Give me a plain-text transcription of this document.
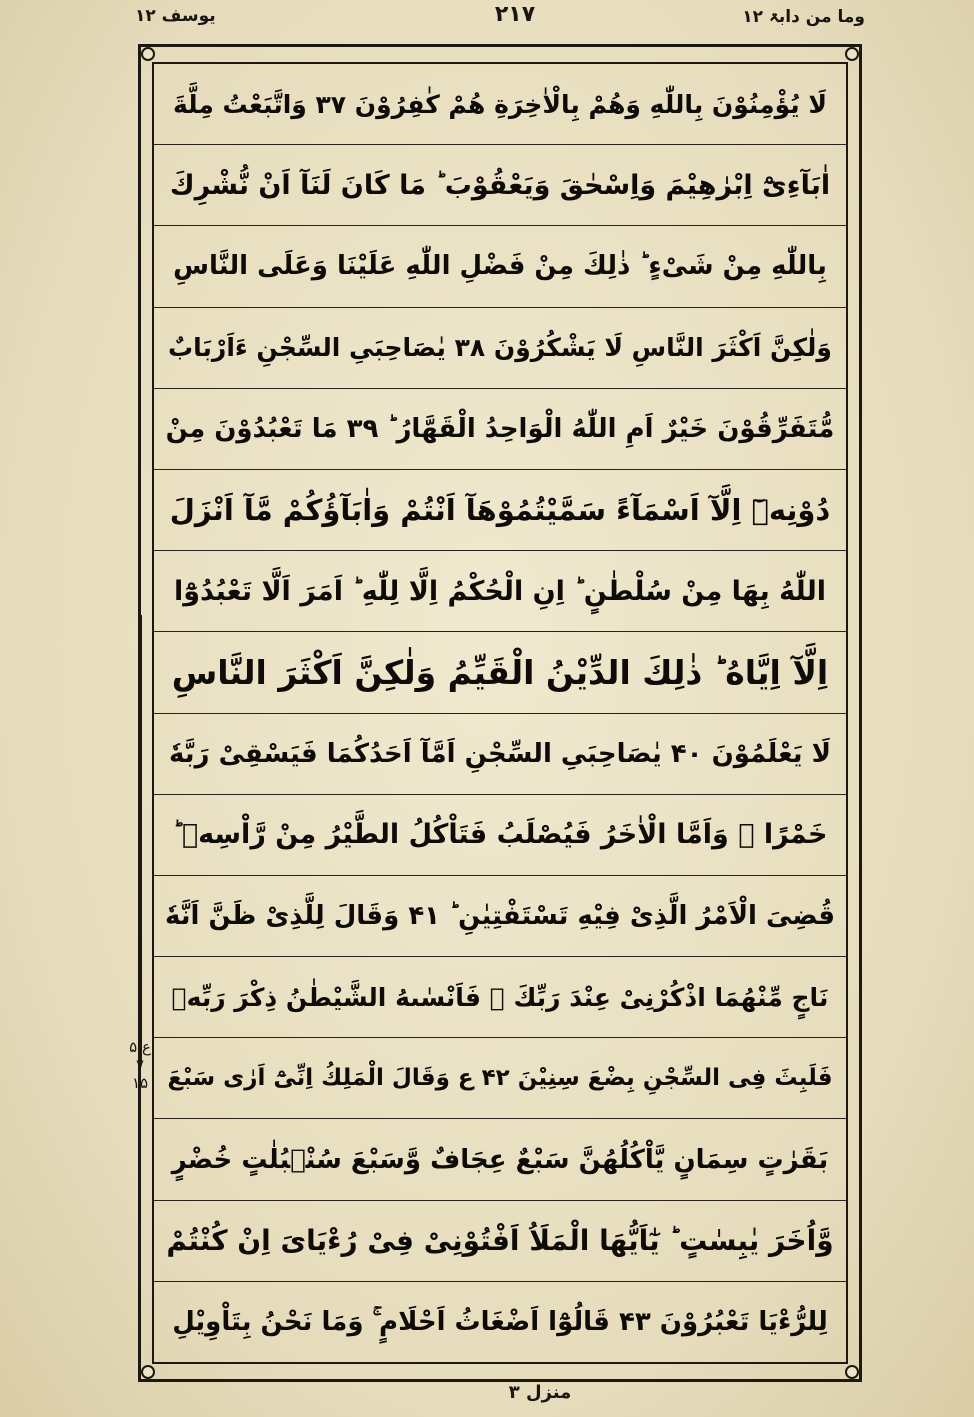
یوسف ۱۲	۲۱۷	وما من دابۃ ۱۲
لَا یُؤْمِنُوْنَ بِاللّٰهِ وَهُمْ بِالْاٰخِرَةِ هُمْ كٰفِرُوْنَ ۳۷ وَاتَّبَعْتُ مِلَّةَ
اٰبَآءِیْٓ اِبْرٰهِیْمَ وَاِسْحٰقَ وَیَعْقُوْبَ ؕ مَا كَانَ لَنَآ اَنْ نُّشْرِكَ
بِاللّٰهِ مِنْ شَیْءٍ ؕ ذٰلِكَ مِنْ فَضْلِ اللّٰهِ عَلَیْنَا وَعَلَى النَّاسِ
وَلٰكِنَّ اَكْثَرَ النَّاسِ لَا یَشْكُرُوْنَ ۳۸ یٰصَاحِبَیِ السِّجْنِ ءَاَرْبَابٌ
مُّتَفَرِّقُوْنَ خَیْرٌ اَمِ اللّٰهُ الْوَاحِدُ الْقَهَّارُ ؕ ۳۹ مَا تَعْبُدُوْنَ مِنْ
دُوْنِهٖٓ اِلَّآ اَسْمَآءً سَمَّیْتُمُوْهَآ اَنْتُمْ وَاٰبَآؤُكُمْ مَّآ اَنْزَلَ
اللّٰهُ بِهَا مِنْ سُلْطٰنٍ ؕ اِنِ الْحُكْمُ اِلَّا لِلّٰهِ ؕ اَمَرَ اَلَّا تَعْبُدُوْٓا
اِلَّآ اِیَّاهُ ؕ ذٰلِكَ الدِّیْنُ الْقَیِّمُ وَلٰكِنَّ اَكْثَرَ النَّاسِ
لَا یَعْلَمُوْنَ ۴۰ یٰصَاحِبَیِ السِّجْنِ اَمَّآ اَحَدُكُمَا فَیَسْقِیْ رَبَّهٗ
خَمْرًا ۚ وَاَمَّا الْاٰخَرُ فَیُصْلَبُ فَتَاْكُلُ الطَّیْرُ مِنْ رَّاْسِهٖ ؕ
قُضِیَ الْاَمْرُ الَّذِیْ فِیْهِ تَسْتَفْتِیٰنِ ؕ ۴۱ وَقَالَ لِلَّذِیْ ظَنَّ اَنَّهٗ
نَاجٍ مِّنْهُمَا اذْكُرْنِیْ عِنْدَ رَبِّكَ ۫ فَاَنْسٰىهُ الشَّیْطٰنُ ذِكْرَ رَبِّهٖ
فَلَبِثَ فِی السِّجْنِ بِضْعَ سِنِیْنَ ۴۲ ع وَقَالَ الْمَلِكُ اِنِّیْٓ اَرٰى سَبْعَ
بَقَرٰتٍ سِمَانٍ یَّاْكُلُهُنَّ سَبْعٌ عِجَافٌ وَّسَبْعَ سُنْۢبُلٰتٍ خُضْرٍ
وَّاُخَرَ یٰبِسٰتٍ ؕ یٰٓاَیُّهَا الْمَلَاُ اَفْتُوْنِیْ فِیْ رُءْیَایَ اِنْ كُنْتُمْ
لِلرُّءْیَا تَعْبُرُوْنَ ۴۳ قَالُوْٓا اَضْغَاثُ اَحْلَامٍ ۚ وَمَا نَحْنُ بِتَاْوِیْلِ
ع ۵ ۷ ۱۵
منزل ۳
